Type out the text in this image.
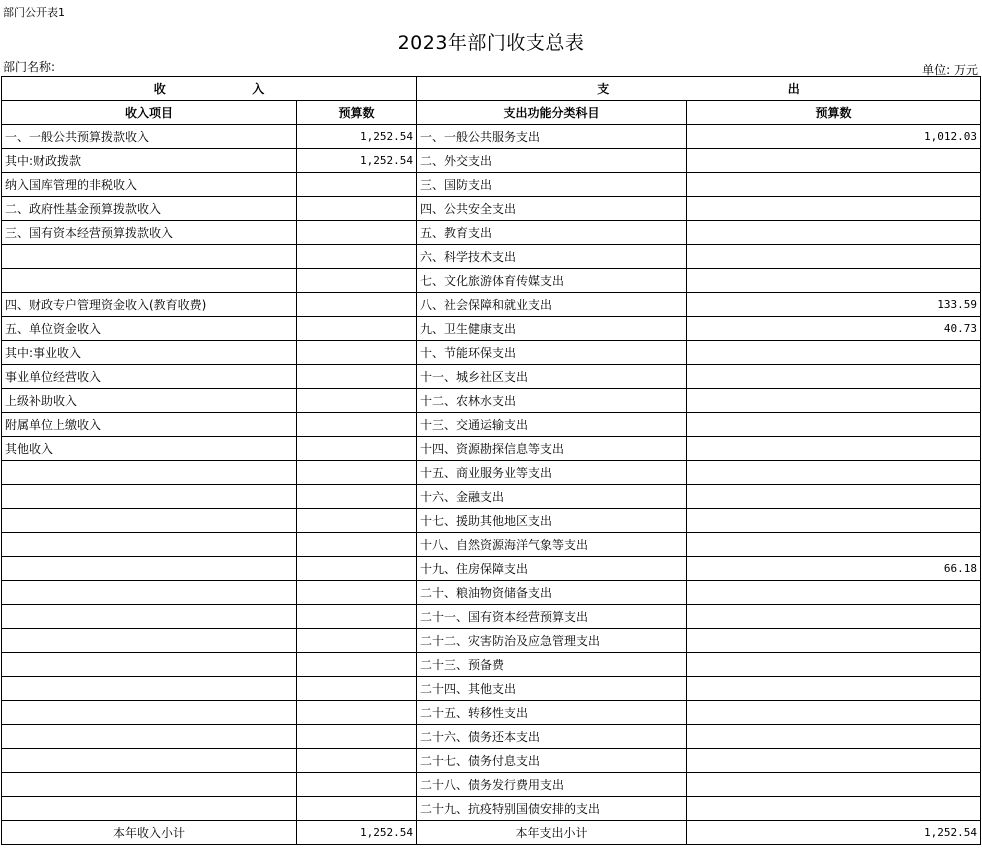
部门公开表1
2023年部门收支总表
部门名称:	单位: 万元
收 入		支 出	
收入项目	预算数	支出功能分类科目	预算数
一、一般公共预算拨款收入	1,252.54	一、一般公共服务支出	1,012.03
其中:财政拨款	1,252.54	二、外交支出	
纳入国库管理的非税收入		三、国防支出	
二、政府性基金预算拨款收入		四、公共安全支出	
三、国有资本经营预算拨款收入		五、教育支出	
		六、科学技术支出	
		七、文化旅游体育传媒支出	
四、财政专户管理资金收入(教育收费)		八、社会保障和就业支出	133.59
五、单位资金收入		九、卫生健康支出	40.73
其中:事业收入		十、节能环保支出	
事业单位经营收入		十一、城乡社区支出	
上级补助收入		十二、农林水支出	
附属单位上缴收入		十三、交通运输支出	
其他收入		十四、资源勘探信息等支出	
		十五、商业服务业等支出	
		十六、金融支出	
		十七、援助其他地区支出	
		十八、自然资源海洋气象等支出	
		十九、住房保障支出	66.18
		二十、粮油物资储备支出	
		二十一、国有资本经营预算支出	
		二十二、灾害防治及应急管理支出	
		二十三、预备费	
		二十四、其他支出	
		二十五、转移性支出	
		二十六、债务还本支出	
		二十七、债务付息支出	
		二十八、债务发行费用支出	
		二十九、抗疫特别国债安排的支出	
本年收入小计	1,252.54	本年支出小计	1,252.54
